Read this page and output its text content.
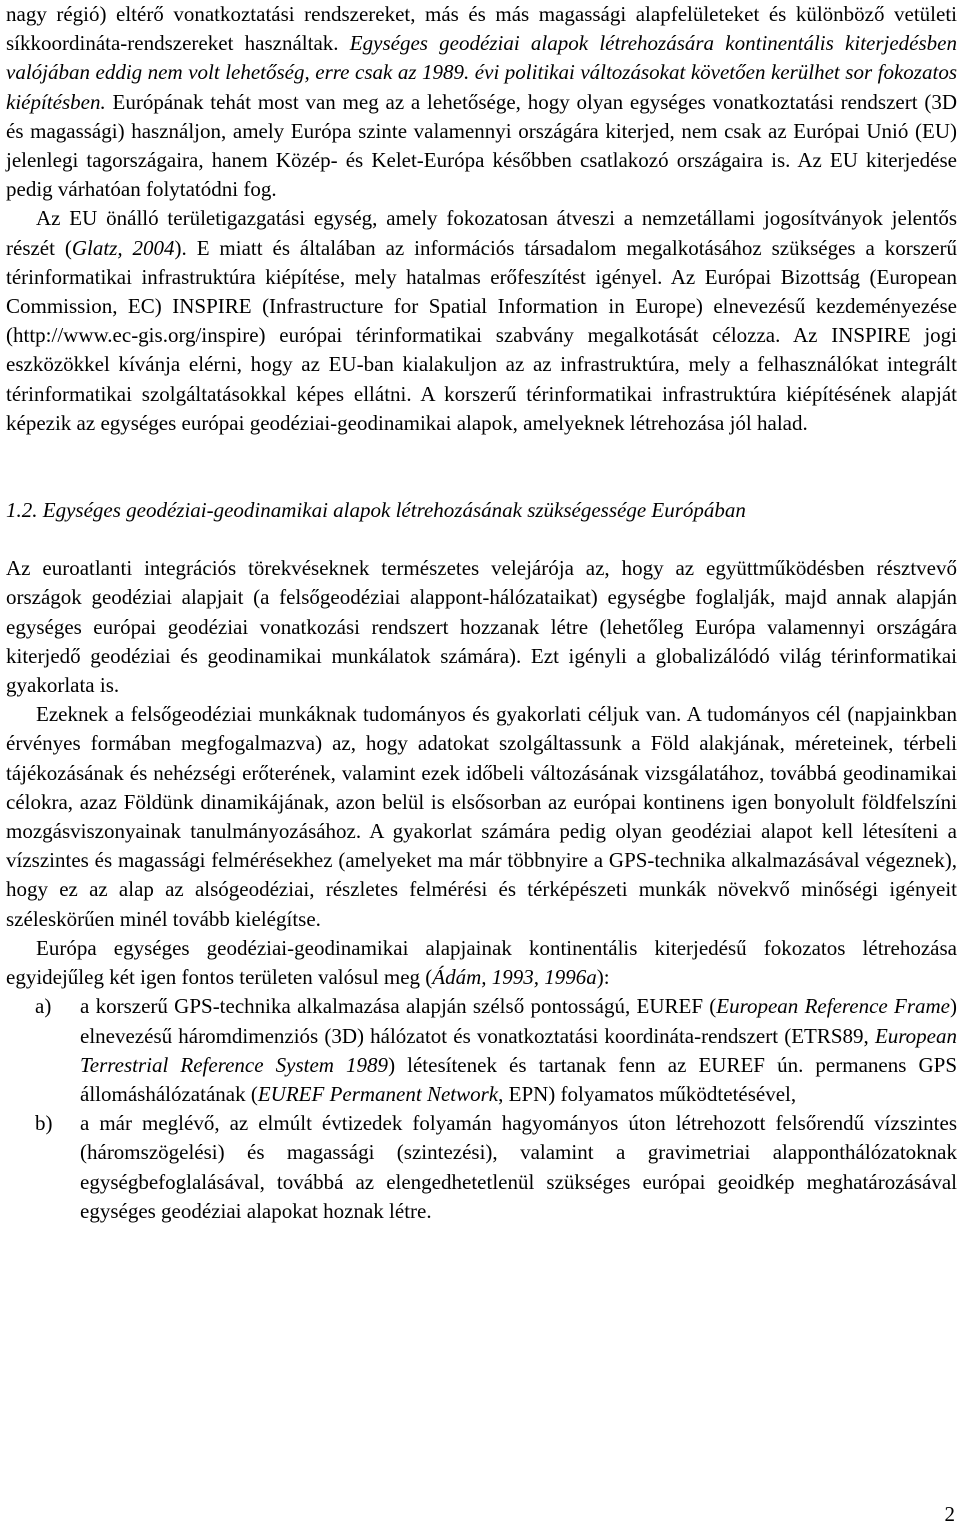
nagy régió) eltérő vonatkoztatási rendszereket, más és más magassági alapfelületeket és különböző vetületi síkkoordináta-rendszereket használtak. Egységes geodéziai alapok létrehozására kontinentális kiterjedésben valójában eddig nem volt lehetőség, erre csak az 1989. évi politikai változásokat követően kerülhet sor fokozatos kiépítésben. Európának tehát most van meg az a lehetősége, hogy olyan egységes vonatkoztatási rendszert (3D és magassági) használjon, amely Európa szinte valamennyi országára kiterjed, nem csak az Európai Unió (EU) jelenlegi tagországaira, hanem Közép- és Kelet-Európa későbben csatlakozó országaira is. Az EU kiterjedése pedig várhatóan folytatódni fog.

Az EU önálló területigazgatási egység, amely fokozatosan átveszi a nemzetállami jogosítványok jelentős részét (Glatz, 2004). E miatt és általában az információs társadalom megalkotásához szükséges a korszerű térinformatikai infrastruktúra kiépítése, mely hatalmas erőfeszítést igényel. Az Európai Bizottság (European Commission, EC) INSPIRE (Infrastructure for Spatial Information in Europe) elnevezésű kezdeményezése (http://www.ec-gis.org/inspire) európai térinformatikai szabvány megalkotását célozza. Az INSPIRE jogi eszközökkel kívánja elérni, hogy az EU-ban kialakuljon az az infrastruktúra, mely a felhasználókat integrált térinformatikai szolgáltatásokkal képes ellátni. A korszerű térinformatikai infrastruktúra kiépítésének alapját képezik az egységes európai geodéziai-geodinamikai alapok, amelyeknek létrehozása jól halad.

1.2. Egységes geodéziai-geodinamikai alapok létrehozásának szükségessége Európában

Az euroatlanti integrációs törekvéseknek természetes velejárója az, hogy az együttműködésben résztvevő országok geodéziai alapjait (a felsőgeodéziai alappont-hálózataikat) egységbe foglalják, majd annak alapján egységes európai geodéziai vonatkozási rendszert hozzanak létre (lehetőleg Európa valamennyi országára kiterjedő geodéziai és geodinamikai munkálatok számára). Ezt igényli a globalizálódó világ térinformatikai gyakorlata is.

Ezeknek a felsőgeodéziai munkáknak tudományos és gyakorlati céljuk van. A tudományos cél (napjainkban érvényes formában megfogalmazva) az, hogy adatokat szolgáltassunk a Föld alakjának, méreteinek, térbeli tájékozásának és nehézségi erőterének, valamint ezek időbeli változásának vizsgálatához, továbbá geodinamikai célokra, azaz Földünk dinamikájának, azon belül is elsősorban az európai kontinens igen bonyolult földfelszíni mozgásviszonyainak tanulmányozásához. A gyakorlat számára pedig olyan geodéziai alapot kell létesíteni a vízszintes és magassági felmérésekhez (amelyeket ma már többnyire a GPS-technika alkalmazásával végeznek), hogy ez az alap az alsógeodéziai, részletes felmérési és térképészeti munkák növekvő minőségi igényeit széleskörűen minél tovább kielégítse.

Európa egységes geodéziai-geodinamikai alapjainak kontinentális kiterjedésű fokozatos létrehozása egyidejűleg két igen fontos területen valósul meg (Ádám, 1993, 1996a):

a) a korszerű GPS-technika alkalmazása alapján szélső pontosságú, EUREF (European Reference Frame) elnevezésű háromdimenziós (3D) hálózatot és vonatkoztatási koordináta-rendszert (ETRS89, European Terrestrial Reference System 1989) létesítenek és tartanak fenn az EUREF ún. permanens GPS állomáshálózatának (EUREF Permanent Network, EPN) folyamatos működtetésével,
b) a már meglévő, az elmúlt évtizedek folyamán hagyományos úton létrehozott felsőrendű vízszintes (háromszögelési) és magassági (szintezési), valamint a gravimetriai alapponthálózatoknak egységbefoglalásával, továbbá az elengedhetetlenül szükséges európai geoidkép meghatározásával egységes geodéziai alapokat hoznak létre.
2
